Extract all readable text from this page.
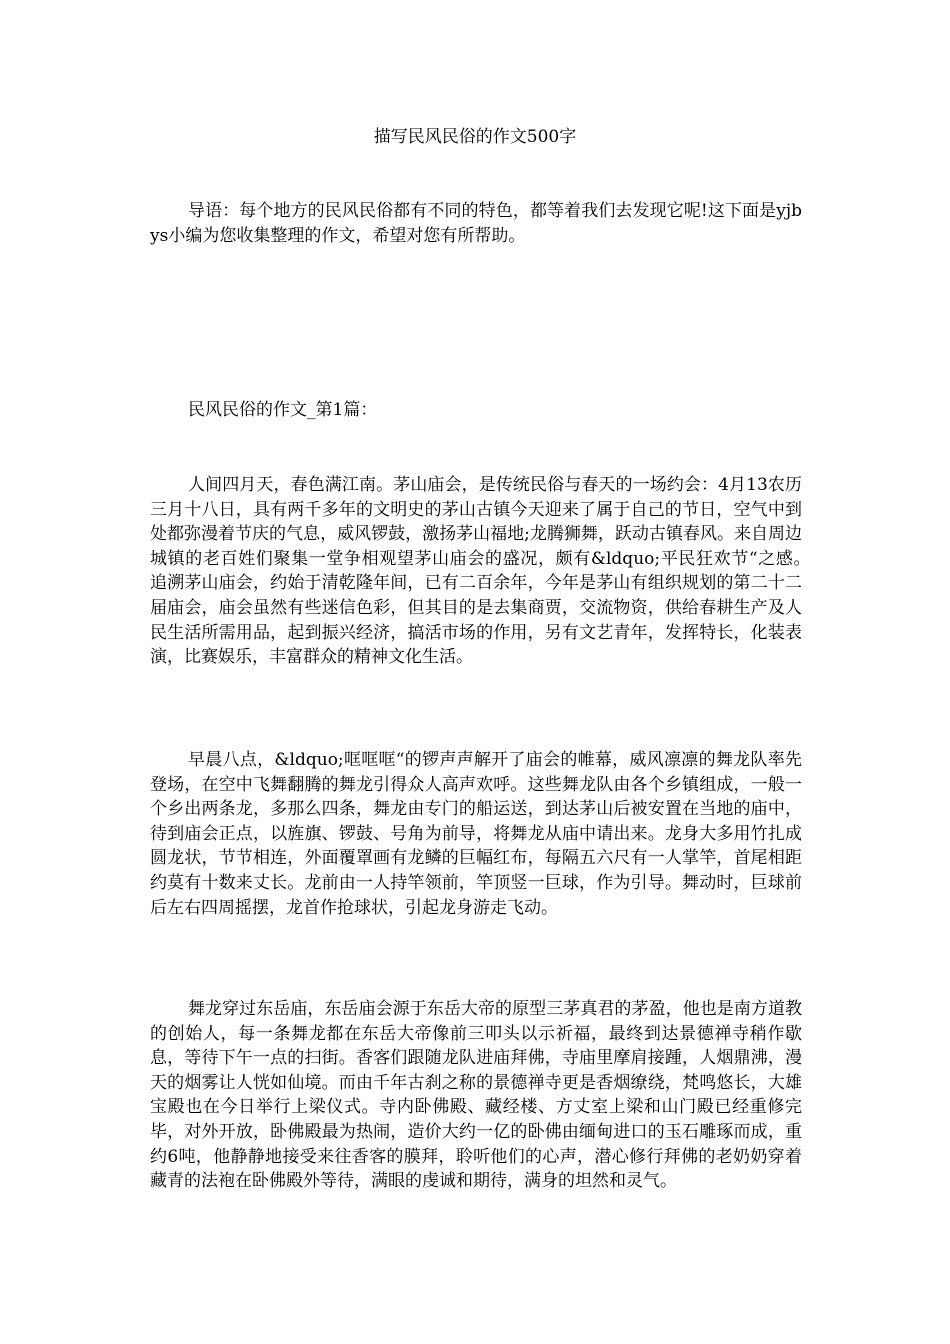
描写民风民俗的作文500字

导语：每个地方的民风民俗都有不同的特色，都等着我们去发现它呢!这下面是yjbys小编为您收集整理的作文，希望对您有所帮助。

民风民俗的作文_第1篇：

人间四月天，春色满江南。茅山庙会，是传统民俗与春天的一场约会：4月13农历三月十八日，具有两千多年的文明史的茅山古镇今天迎来了属于自己的节日，空气中到处都弥漫着节庆的气息，威风锣鼓，激扬茅山福地;龙腾狮舞，跃动古镇春风。来自周边城镇的老百姓们聚集一堂争相观望茅山庙会的盛况，颇有&ldquo;平民狂欢节“之感。　　追溯茅山庙会，约始于清乾隆年间，已有二百余年，今年是茅山有组织规划的第二十二届庙会，庙会虽然有些迷信色彩，但其目的是去集商贾，交流物资，供给春耕生产及人民生活所需用品，起到振兴经济，搞活市场的作用，另有文艺青年，发挥特长，化装表演，比赛娱乐，丰富群众的精神文化生活。

早晨八点，&ldquo;哐哐哐“的锣声声解开了庙会的帷幕，威风凛凛的舞龙队率先登场，在空中飞舞翻腾的舞龙引得众人高声欢呼。这些舞龙队由各个乡镇组成，一般一个乡出两条龙，多那么四条，舞龙由专门的船运送，到达茅山后被安置在当地的庙中，待到庙会正点，以旌旗、锣鼓、号角为前导，将舞龙从庙中请出来。龙身大多用竹扎成圆龙状，节节相连，外面覆罩画有龙鳞的巨幅红布，每隔五六尺有一人掌竿，首尾相距约莫有十数来丈长。龙前由一人持竿领前，竿顶竖一巨球，作为引导。舞动时，巨球前后左右四周摇摆，龙首作抢球状，引起龙身游走飞动。

舞龙穿过东岳庙，东岳庙会源于东岳大帝的原型三茅真君的茅盈，他也是南方道教的创始人，每一条舞龙都在东岳大帝像前三叩头以示祈福，最终到达景德禅寺稍作歇息，等待下午一点的扫街。香客们跟随龙队进庙拜佛，寺庙里摩肩接踵，人烟鼎沸，漫天的烟雾让人恍如仙境。而由千年古刹之称的景德禅寺更是香烟缭绕，梵鸣悠长，大雄宝殿也在今日举行上梁仪式。寺内卧佛殿、藏经楼、方丈室上梁和山门殿已经重修完毕，对外开放，卧佛殿最为热闹，造价大约一亿的卧佛由缅甸进口的玉石雕琢而成，重约6吨，他静静地接受来往香客的膜拜，聆听他们的心声，潜心修行拜佛的老奶奶穿着藏青的法袍在卧佛殿外等待，满眼的虔诚和期待，满身的坦然和灵气。
